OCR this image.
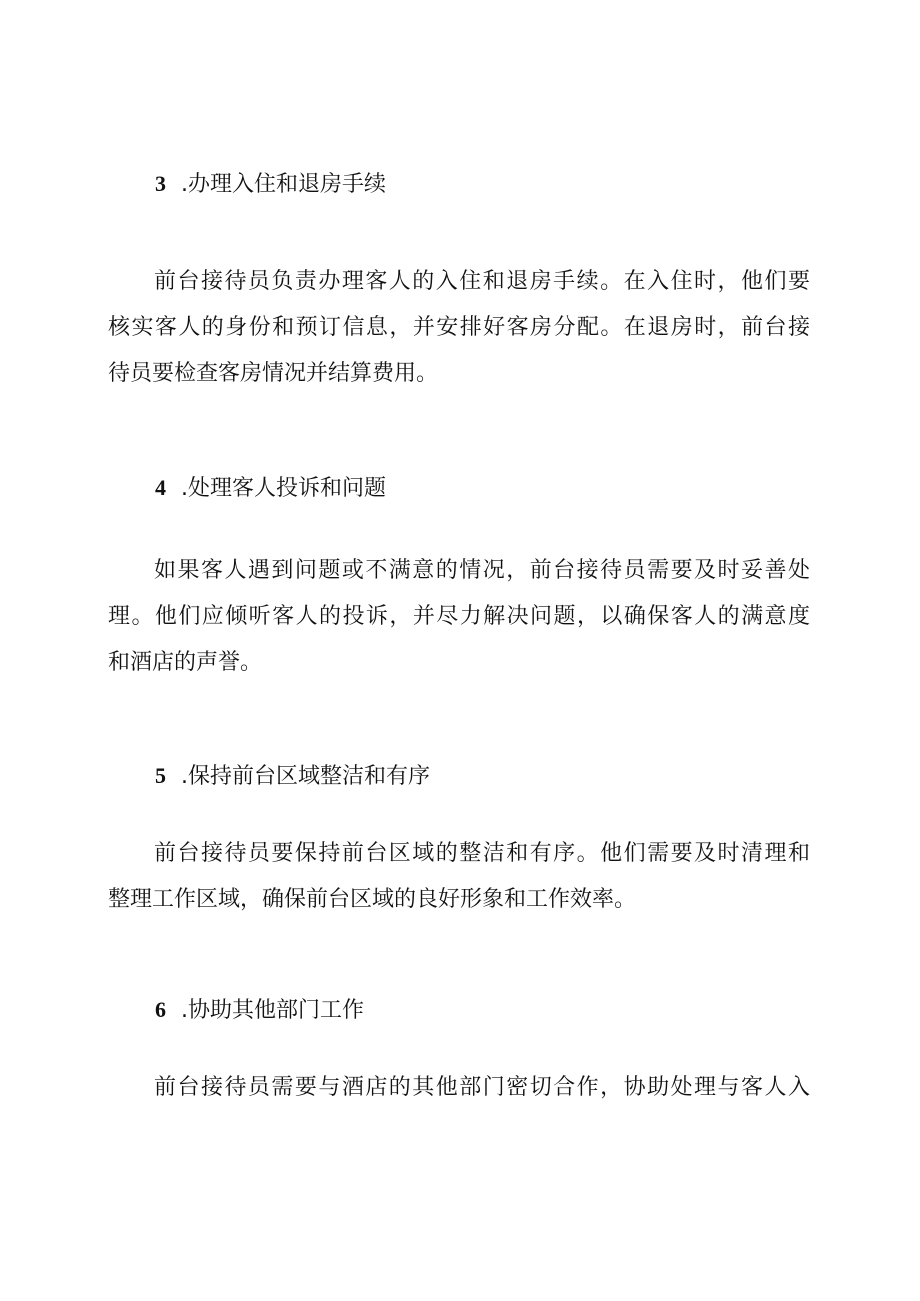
3 .办理入住和退房手续
前台接待员负责办理客人的入住和退房手续。在入住时，他们要
核实客人的身份和预订信息，并安排好客房分配。在退房时，前台接
待员要检查客房情况并结算费用。
4 .处理客人投诉和问题
如果客人遇到问题或不满意的情况，前台接待员需要及时妥善处
理。他们应倾听客人的投诉，并尽力解决问题，以确保客人的满意度
和酒店的声誉。
5 .保持前台区域整洁和有序
前台接待员要保持前台区域的整洁和有序。他们需要及时清理和
整理工作区域，确保前台区域的良好形象和工作效率。
6 .协助其他部门工作
前台接待员需要与酒店的其他部门密切合作，协助处理与客人入
